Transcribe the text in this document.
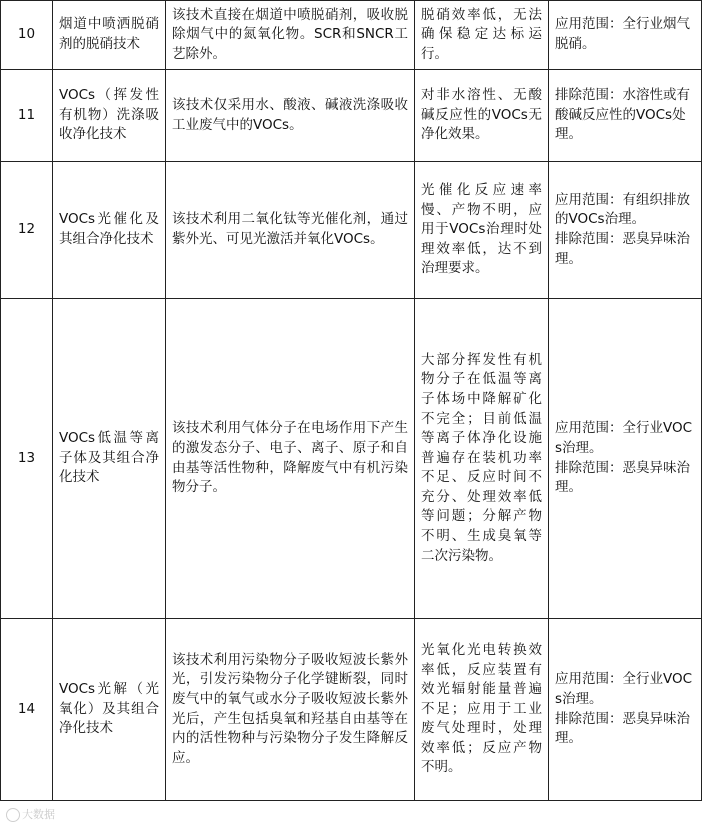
10	烟道中喷洒脱硝剂的脱硝技术	该技术直接在烟道中喷脱硝剂，吸收脱除烟气中的氮氧化物。SCR和SNCR工艺除外。	脱硝效率低，无法确保稳定达标运行。	应用范围：全行业烟气脱硝。

11	VOCs（挥发性有机物）洗涤吸收净化技术	该技术仅采用水、酸液、碱液洗涤吸收工业废气中的VOCs。	对非水溶性、无酸碱反应性的VOCs无净化效果。	排除范围：水溶性或有酸碱反应性的VOCs处理。

12	VOCs光催化及其组合净化技术	该技术利用二氧化钛等光催化剂，通过紫外光、可见光激活并氧化VOCs。	光催化反应速率慢、产物不明，应用于VOCs治理时处理效率低，达不到治理要求。	应用范围：有组织排放的VOCs治理。
排除范围：恶臭异味治理。

13	VOCs低温等离子体及其组合净化技术	该技术利用气体分子在电场作用下产生的激发态分子、电子、离子、原子和自由基等活性物种，降解废气中有机污染物分子。	大部分挥发性有机物分子在低温等离子体场中降解矿化不完全；目前低温等离子体净化设施普遍存在装机功率不足、反应时间不充分、处理效率低等问题；分解产物不明、生成臭氧等二次污染物。	应用范围：全行业VOCs治理。
排除范围：恶臭异味治理。

14	VOCs光解（光氧化）及其组合净化技术	该技术利用污染物分子吸收短波长紫外光，引发污染物分子化学键断裂，同时废气中的氧气或水分子吸收短波长紫外光后，产生包括臭氧和羟基自由基等在内的活性物种与污染物分子发生降解反应。	光氧化光电转换效率低，反应装置有效光辐射能量普遍不足；应用于工业废气处理时，处理效率低；反应产物不明。	应用范围：全行业VOCs治理。
排除范围：恶臭异味治理。
大数据
